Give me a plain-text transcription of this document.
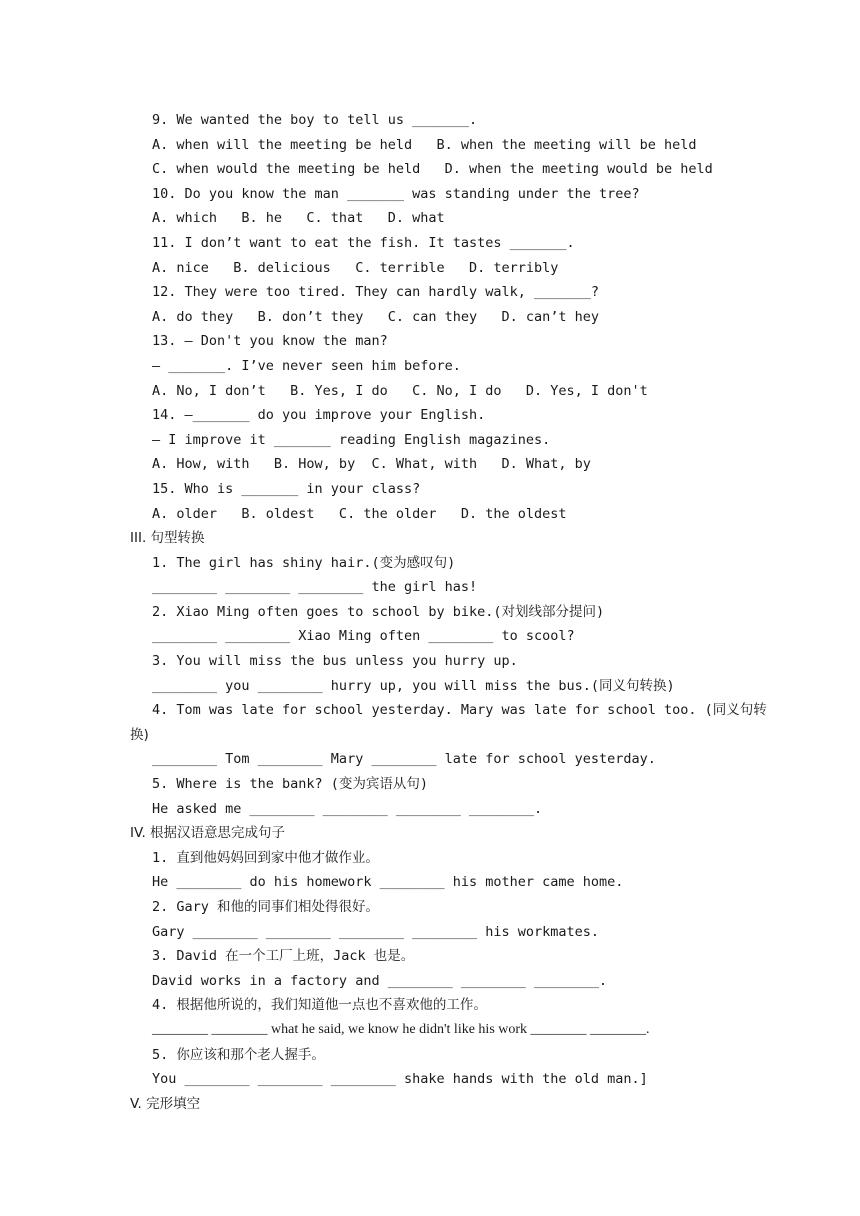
9. We wanted the boy to tell us _______.
A. when will the meeting be held   B. when the meeting will be held
C. when would the meeting be held   D. when the meeting would be held
10. Do you know the man _______ was standing under the tree?
A. which   B. he   C. that   D. what
11. I don’t want to eat the fish. It tastes _______.
A. nice   B. delicious   C. terrible   D. terribly
12. They were too tired. They can hardly walk, _______?
A. do they   B. don’t they   C. can they   D. can’t hey
13. — Don't you know the man?
— _______. I’ve never seen him before.
A. No, I don’t   B. Yes, I do   C. No, I do   D. Yes, I don't
14. —_______ do you improve your English.
— I improve it _______ reading English magazines.
A. How, with   B. How, by  C. What, with   D. What, by
15. Who is _______ in your class?
A. older   B. oldest   C. the older   D. the oldest
III. 句型转换
1. The girl has shiny hair.(变为感叹句)
________ ________ ________ the girl has!
2. Xiao Ming often goes to school by bike.(对划线部分提问)
________ ________ Xiao Ming often ________ to scool?
3. You will miss the bus unless you hurry up.
________ you ________ hurry up, you will miss the bus.(同义句转换)
4. Tom was late for school yesterday. Mary was late for school too. (同义句转
换)
________ Tom ________ Mary ________ late for school yesterday.
5. Where is the bank? (变为宾语从句)
He asked me ________ ________ ________ ________.
IV. 根据汉语意思完成句子
1. 直到他妈妈回到家中他才做作业。
He ________ do his homework ________ his mother came home.
2. Gary 和他的同事们相处得很好。
Gary ________ ________ ________ ________ his workmates.
3. David 在一个工厂上班，Jack 也是。
David works in a factory and ________ ________ ________.
4. 根据他所说的，我们知道他一点也不喜欢他的工作。
________ ________ what he said, we know he didn't like his work ________ ________.
5. 你应该和那个老人握手。
You ________ ________ ________ shake hands with the old man.]
V. 完形填空
